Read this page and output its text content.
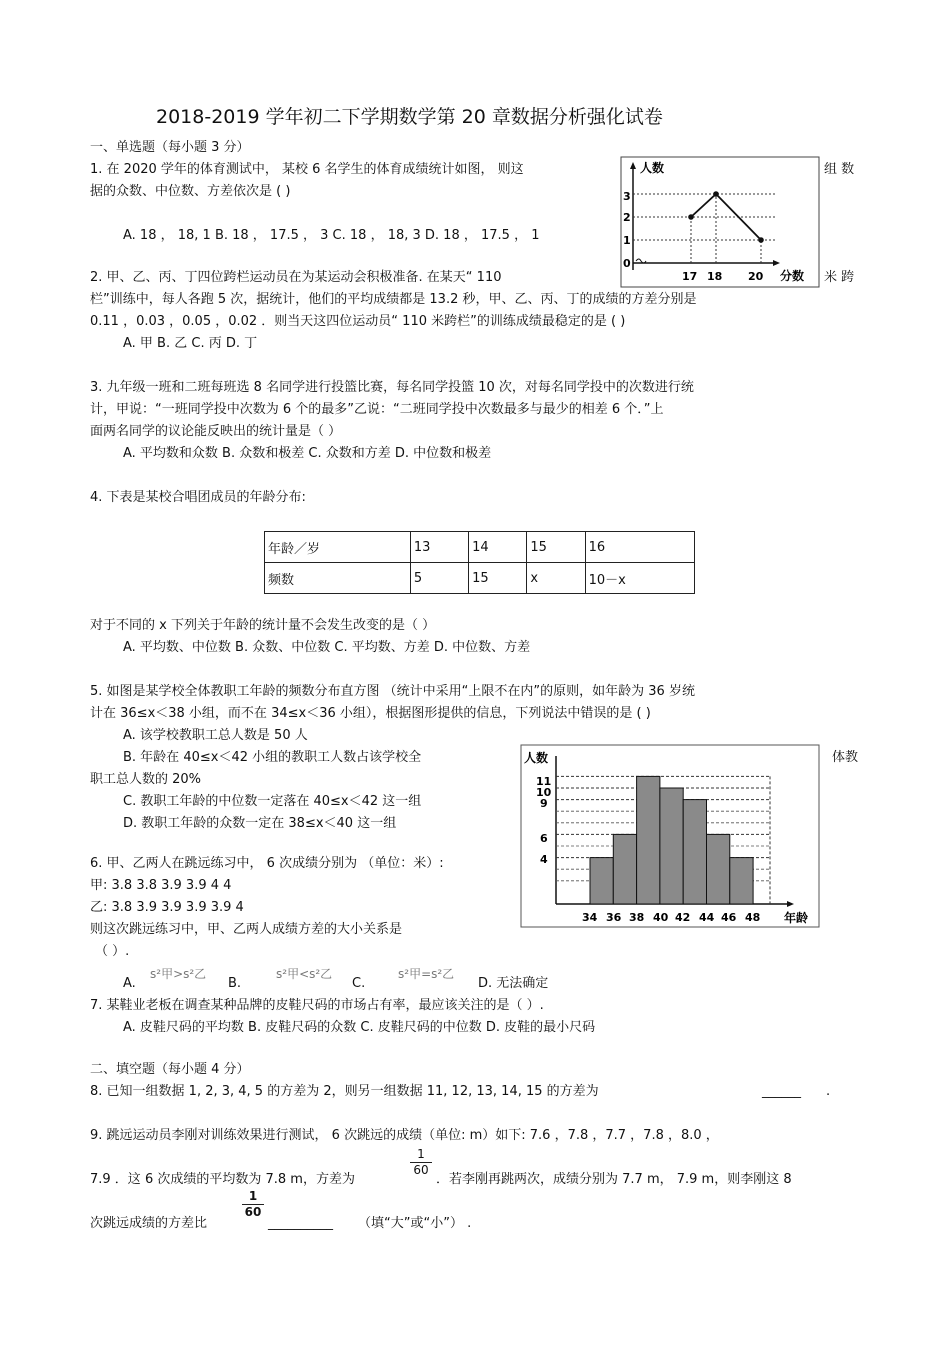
2018-2019 学年初二下学期数学第 20 章数据分析强化试卷
一、单选题（每小题 3 分）
1. 在 2020 学年的体育测试中， 某校 6 名学生的体育成绩统计如图， 则这	组 数
据的众数、中位数、方差依次是 ( )
A. 18 ， 18, 1 B. 18 ， 17.5 ， 3 C. 18 ， 18, 3 D. 18 ， 17.5 ， 1
人数
分数
3
2
1
0
17 18 20
2. 甲、乙、丙、丁四位跨栏运动员在为某运动会积极准备. 在某天“ 110	米 跨
栏”训练中，每人各跑 5 次，据统计，他们的平均成绩都是 13.2 秒，甲、乙、丙、丁的成绩的方差分别是
0.11 ，0.03 ，0.05 ，0.02 ．则当天这四位运动员“ 110 米跨栏”的训练成绩最稳定的是 ( )
A. 甲 B. 乙 C. 丙 D. 丁
3. 九年级一班和二班每班选 8 名同学进行投篮比赛，每名同学投篮 10 次，对每名同学投中的次数进行统
计，甲说：“一班同学投中次数为 6 个的最多”乙说：“二班同学投中次数最多与最少的相差 6 个．”上
面两名同学的议论能反映出的统计量是（ ）
A. 平均数和众数 B. 众数和极差 C. 众数和方差 D. 中位数和极差
4. 下表是某校合唱团成员的年龄分布:
年龄／岁	13	14	15	16
频数	5	15	x	10－x
对于不同的 x 下列关于年龄的统计量不会发生改变的是（ ）
A. 平均数、中位数 B. 众数、中位数 C. 平均数、方差 D. 中位数、方差
5. 如图是某学校全体教职工年龄的频数分布直方图 （统计中采用“上限不在内”的原则，如年龄为 36 岁统
计在 36≤x＜38 小组，而不在 34≤x＜36 小组），根据图形提供的信息，下列说法中错误的是 ( )
A. 该学校教职工总人数是 50 人
B. 年龄在 40≤x＜42 小组的教职工人数占该学校全	体教
职工总人数的 20%
C. 教职工年龄的中位数一定落在 40≤x＜42 这一组
D. 教职工年龄的众数一定在 38≤x＜40 这一组
人数
年龄
11
10
9
6
4
34 36 38 40 42 44 46 48
6. 甲、乙两人在跳远练习中， 6 次成绩分别为 （单位：米）:
甲: 3.8 3.8 3.9 3.9 4 4
乙: 3.8 3.9 3.9 3.9 3.9 4
则这次跳远练习中，甲、乙两人成绩方差的大小关系是
（ ）.
A.
s²甲>s²乙
B.
s²甲<s²乙
C.
s²甲=s²乙
D. 无法确定
7. 某鞋业老板在调查某种品牌的皮鞋尺码的市场占有率，最应该关注的是（ ）.
A. 皮鞋尺码的平均数 B. 皮鞋尺码的众数 C. 皮鞋尺码的中位数 D. 皮鞋的最小尺码
二、填空题（每小题 4 分）
8. 已知一组数据 1, 2, 3, 4, 5 的方差为 2，则另一组数据 11, 12, 13, 14, 15 的方差为	______ .
9. 跳远运动员李刚对训练效果进行测试， 6 次跳远的成绩（单位: m）如下: 7.6 ，7.8 ，7.7 ，7.8 ，8.0 ，
7.9 ．这 6 次成绩的平均数为 7.8 m，方差为
1
60
．若李刚再跳两次，成绩分别为 7.7 m， 7.9 m，则李刚这 8
次跳远成绩的方差比
1
60
__________ （填“大”或“小”） .
